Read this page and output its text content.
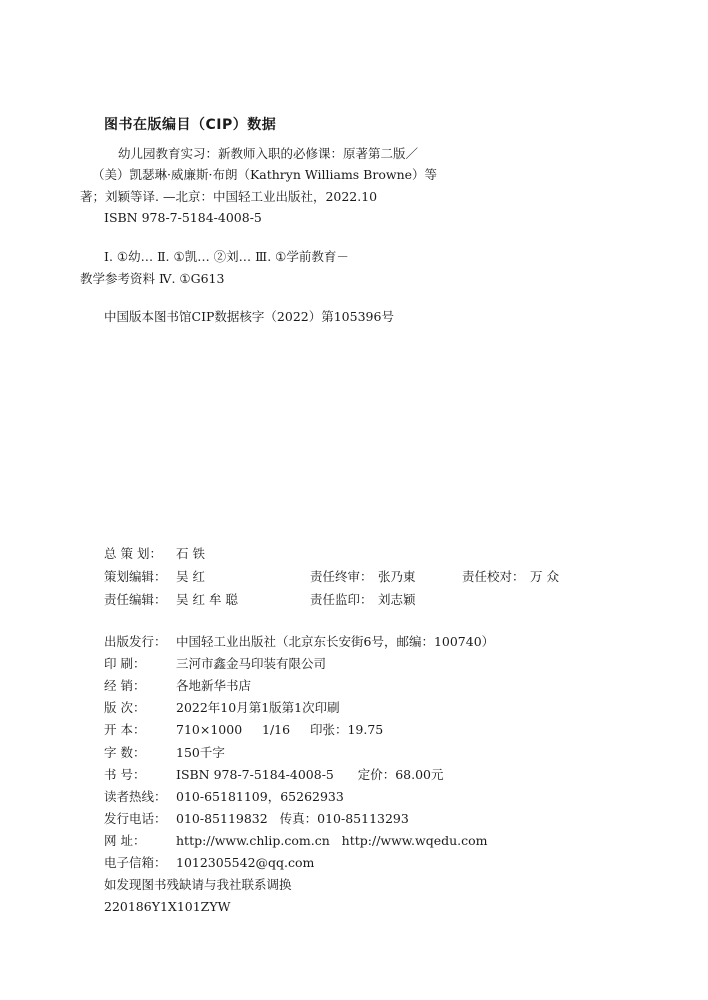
图书在版编目（CIP）数据
幼儿园教育实习：新教师入职的必修课：原著第二版／
（美）凯瑟琳·威廉斯·布朗（Kathryn Williams Browne）等
著；刘颖等译. —北京：中国轻工业出版社，2022.10
ISBN 978-7-5184-4008-5
Ⅰ. ①幼… Ⅱ. ①凯… ②刘… Ⅲ. ①学前教育－
教学参考资料 Ⅳ. ①G613
中国版本图书馆CIP数据核字（2022）第105396号
总 策 划： 石 铁
策划编辑： 吴 红	责任终审： 张乃東	责任校对： 万 众
责任编辑： 吴 红 牟 聪	责任监印： 刘志颖
出版发行： 中国轻工业出版社（北京东长安街6号，邮编：100740）
印 刷： 三河市鑫金马印装有限公司
经 销： 各地新华书店
版 次： 2022年10月第1版第1次印刷
开 本： 710×1000     1/16     印张：19.75
字 数： 150千字
书 号： ISBN 978-7-5184-4008-5      定价：68.00元
读者热线： 010-65181109，65262933
发行电话： 010-85119832   传真：010-85113293
网 址： http://www.chlip.com.cn   http://www.wqedu.com
电子信箱： 1012305542@qq.com
如发现图书残缺请与我社联系调换
220186Y1X101ZYW
